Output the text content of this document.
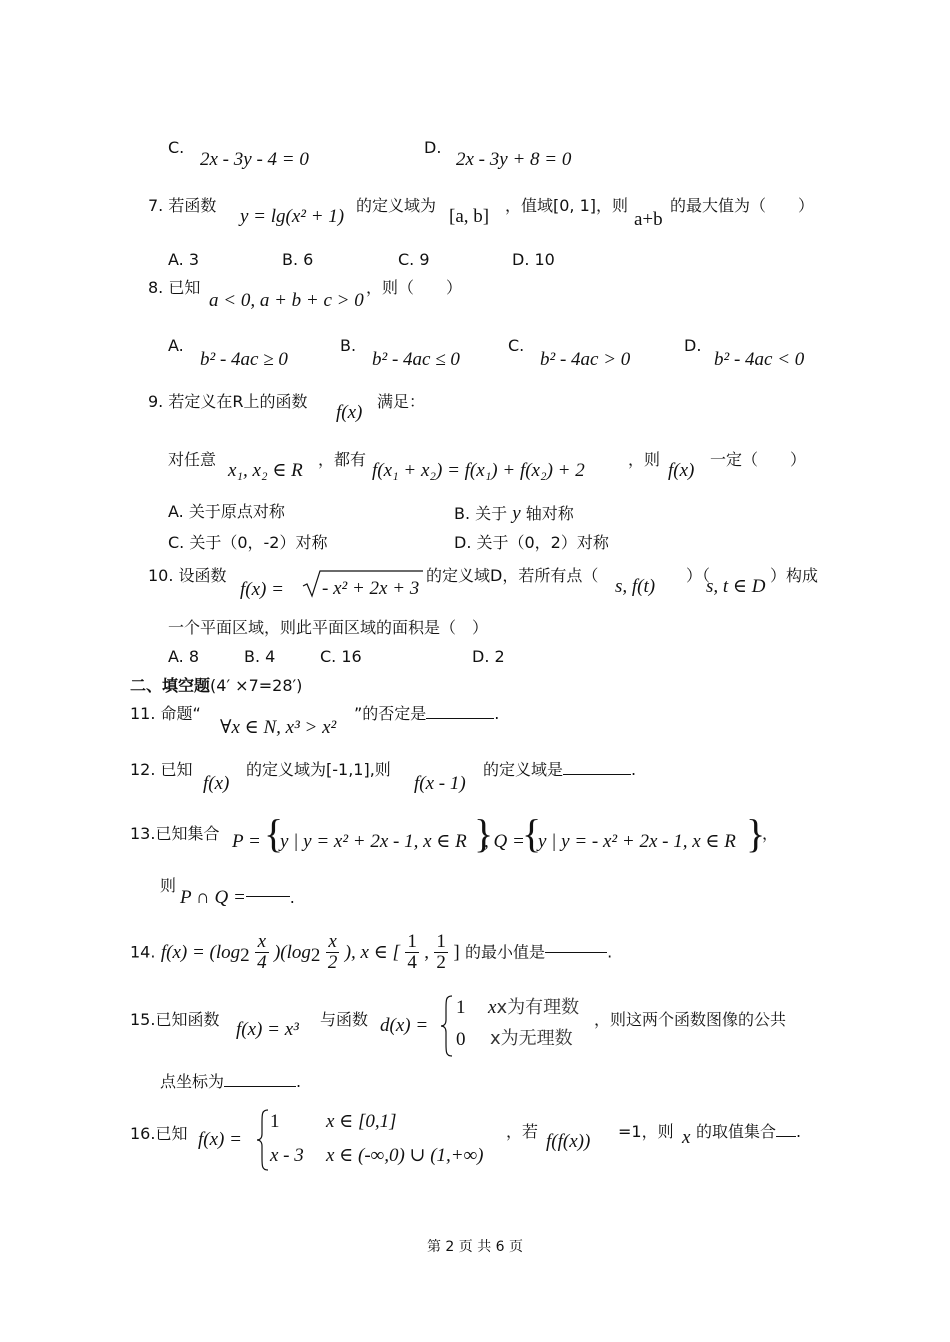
C.
2x - 3y - 4 = 0
D.
2x - 3y + 8 = 0
7. 若函数
y = lg(x² + 1)
的定义域为
[a, b]
，值域[0, 1]，则
a+b
的最大值为（　　）
A. 3	B. 6	C. 9	D. 10
8. 已知
a < 0, a + b + c > 0
，则（　　）
A.
b² - 4ac ≥ 0
B.
b² - 4ac ≤ 0
C.
b² - 4ac > 0
D.
b² - 4ac < 0
9. 若定义在R上的函数
f(x)
满足：
对任意
x₁, x₂ ∈ R
，都有
f(x₁ + x₂) = f(x₁) + f(x₂) + 2
，则
f(x)
一定（　　）
A. 关于原点对称	B. 关于 y 轴对称
C. 关于（0，-2）对称	D. 关于（0，2）对称
10. 设函数
f(x) = - x² + 2x + 3
的定义域D，若所有点（
s, f(t)
）（
s, t ∈ D
）构成
一个平面区域，则此平面区域的面积是（　）
A. 8	B. 4	C. 16	D. 2
二、填空题(4′ ×7=28′)
11. 命题“
∀x ∈ N, x³ > x²
”的否定是	.
12. 已知
f(x)
的定义域为[-1,1],则
f(x - 1)
的定义域是	.
13.已知集合 P = {
y | y = x² + 2x - 1, x ∈ R }
, Q =
{
y | y = - x² + 2x - 1, x ∈ R }
，
则
P ∩ Q =	.
14. $f(x) = (\log_2 \frac{x}{4} )(\log_2 \frac{x}{2}$ ), x ∈ [ $\frac{1}{4}$ , $\frac{1}{2}$ ] 的最小值是	.
15.已知函数 f(x) = x³ 与函数 d(x) =
1 xx为有理数
0 x为无理数
，则这两个函数图像的公共
点坐标为	.
16.已知 f(x) =
1 x ∈ [0,1]
x - 3 x ∈ (-∞,0) ∪ (1,+∞)
，若 f(f(x)) =1，则 x 的取值集合 .
第 2 页 共 6 页
